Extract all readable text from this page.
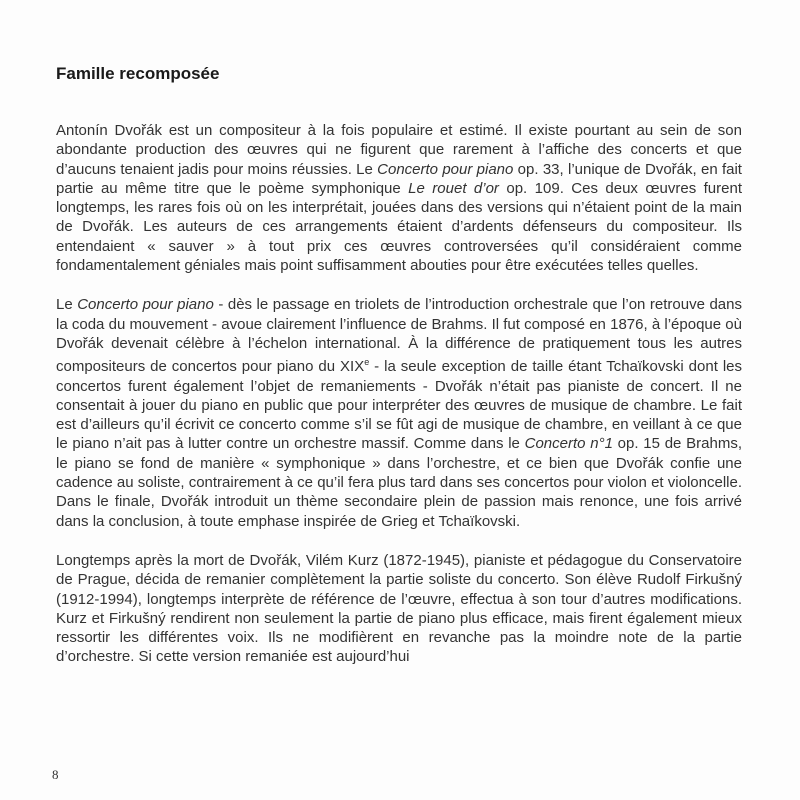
Famille recomposée

Antonín Dvořák est un compositeur à la fois populaire et estimé. Il existe pourtant au sein de son abondante production des œuvres qui ne figurent que rarement à l’affiche des concerts et que d’aucuns tenaient jadis pour moins réussies. Le Concerto pour piano op. 33, l’unique de Dvořák, en fait partie au même titre que le poème symphonique Le rouet d’or op. 109. Ces deux œuvres furent longtemps, les rares fois où on les interprétait, jouées dans des versions qui n’étaient point de la main de Dvořák. Les auteurs de ces arrangements étaient d’ardents défenseurs du compositeur. Ils entendaient « sauver » à tout prix ces œuvres controversées qu’il considéraient comme fondamentalement géniales mais point suffisamment abouties pour être exécutées telles quelles.

Le Concerto pour piano - dès le passage en triolets de l’introduction orchestrale que l’on retrouve dans la coda du mouvement - avoue clairement l’influence de Brahms. Il fut composé en 1876, à l’époque où Dvořák devenait célèbre à l’échelon international. À la différence de pratiquement tous les autres compositeurs de concertos pour piano du XIXe - la seule exception de taille étant Tchaïkovski dont les concertos furent également l’objet de remaniements - Dvořák n’était pas pianiste de concert. Il ne consentait à jouer du piano en public que pour interpréter des œuvres de musique de chambre. Le fait est d’ailleurs qu’il écrivit ce concerto comme s’il se fût agi de musique de chambre, en veillant à ce que le piano n’ait pas à lutter contre un orchestre massif. Comme dans le Concerto n°1 op. 15 de Brahms, le piano se fond de manière « symphonique » dans l’orchestre, et ce bien que Dvořák confie une cadence au soliste, contrairement à ce qu’il fera plus tard dans ses concertos pour violon et violoncelle. Dans le finale, Dvořák introduit un thème secondaire plein de passion mais renonce, une fois arrivé dans la conclusion, à toute emphase inspirée de Grieg et Tchaïkovski.

Longtemps après la mort de Dvořák, Vilém Kurz (1872-1945), pianiste et pédagogue du Conservatoire de Prague, décida de remanier complètement la partie soliste du concerto. Son élève Rudolf Firkušný (1912-1994), longtemps interprète de référence de l’œuvre, effectua à son tour d’autres modifications. Kurz et Firkušný rendirent non seulement la partie de piano plus efficace, mais firent également mieux ressortir les différentes voix. Ils ne modifièrent en revanche pas la moindre note de la partie d’orchestre. Si cette version remaniée est aujourd’hui

8
